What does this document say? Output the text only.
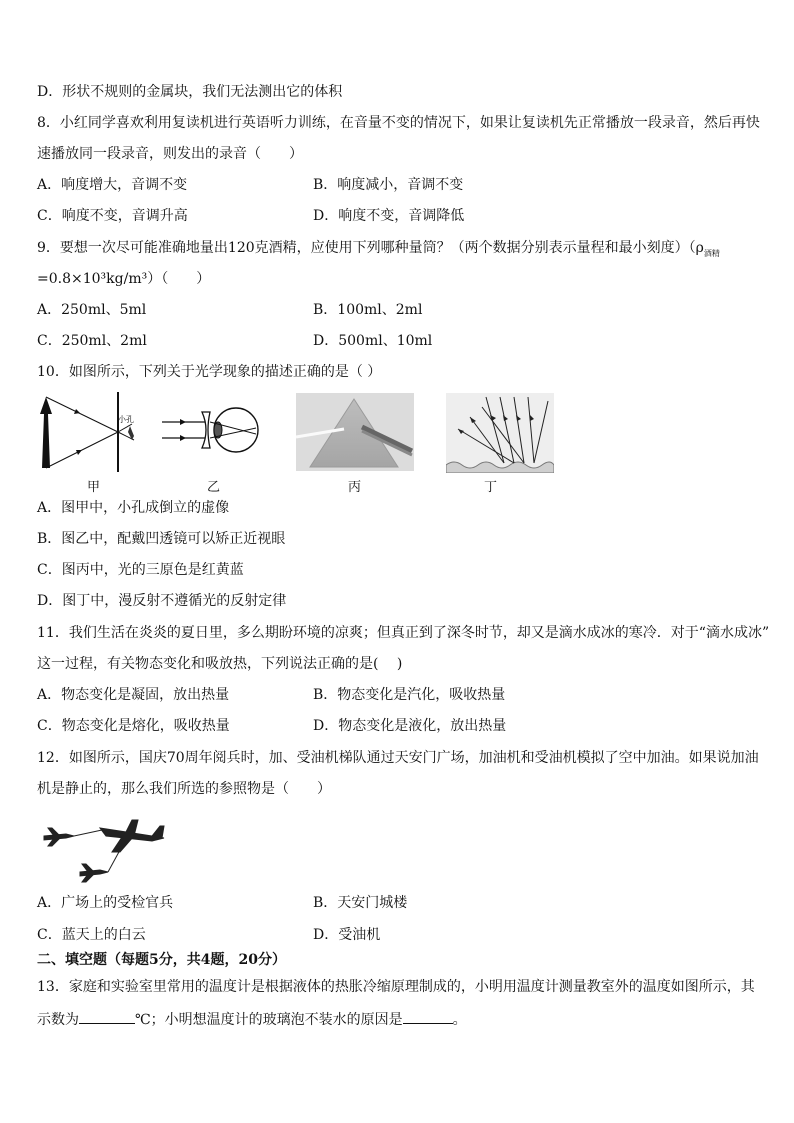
D．形状不规则的金属块，我们无法测出它的体积
8．小红同学喜欢利用复读机进行英语听力训练，在音量不变的情况下，如果让复读机先正常播放一段录音，然后再快
速播放同一段录音，则发出的录音（　　）
A．响度增大，音调不变	B．响度减小，音调不变
C．响度不变，音调升高	D．响度不变，音调降低
9．要想一次尽可能准确地量出120克酒精，应使用下列哪种量筒？（两个数据分别表示量程和最小刻度）（$\rho_{酒精}$
=0.8×10³kg/m³）（　　）
A．250ml、5ml	B．100ml、2ml
C．250ml、2ml	D．500ml、10ml
10．如图所示，下列关于光学现象的描述正确的是（ ）
小孔
甲	乙	丙	丁
A．图甲中，小孔成倒立的虚像
B．图乙中，配戴凹透镜可以矫正近视眼
C．图丙中，光的三原色是红黄蓝
D．图丁中，漫反射不遵循光的反射定律
11．我们生活在炎炎的夏日里，多么期盼环境的凉爽；但真正到了深冬时节，却又是滴水成冰的寒冷．对于“滴水成冰”
这一过程，有关物态变化和吸放热，下列说法正确的是(　 )
A．物态变化是凝固，放出热量	B．物态变化是汽化，吸收热量
C．物态变化是熔化，吸收热量	D．物态变化是液化，放出热量
12．如图所示，国庆70周年阅兵时，加、受油机梯队通过天安门广场，加油机和受油机模拟了空中加油。如果说加油
机是静止的，那么我们所选的参照物是（　　）
A．广场上的受检官兵	B．天安门城楼
C．蓝天上的白云	D．受油机
二、填空题（每题5分，共4题，20分）
13．家庭和实验室里常用的温度计是根据液体的热胀冷缩原理制成的，小明用温度计测量教室外的温度如图所示，其
示数为	℃；小明想温度计的玻璃泡不装水的原因是	。
